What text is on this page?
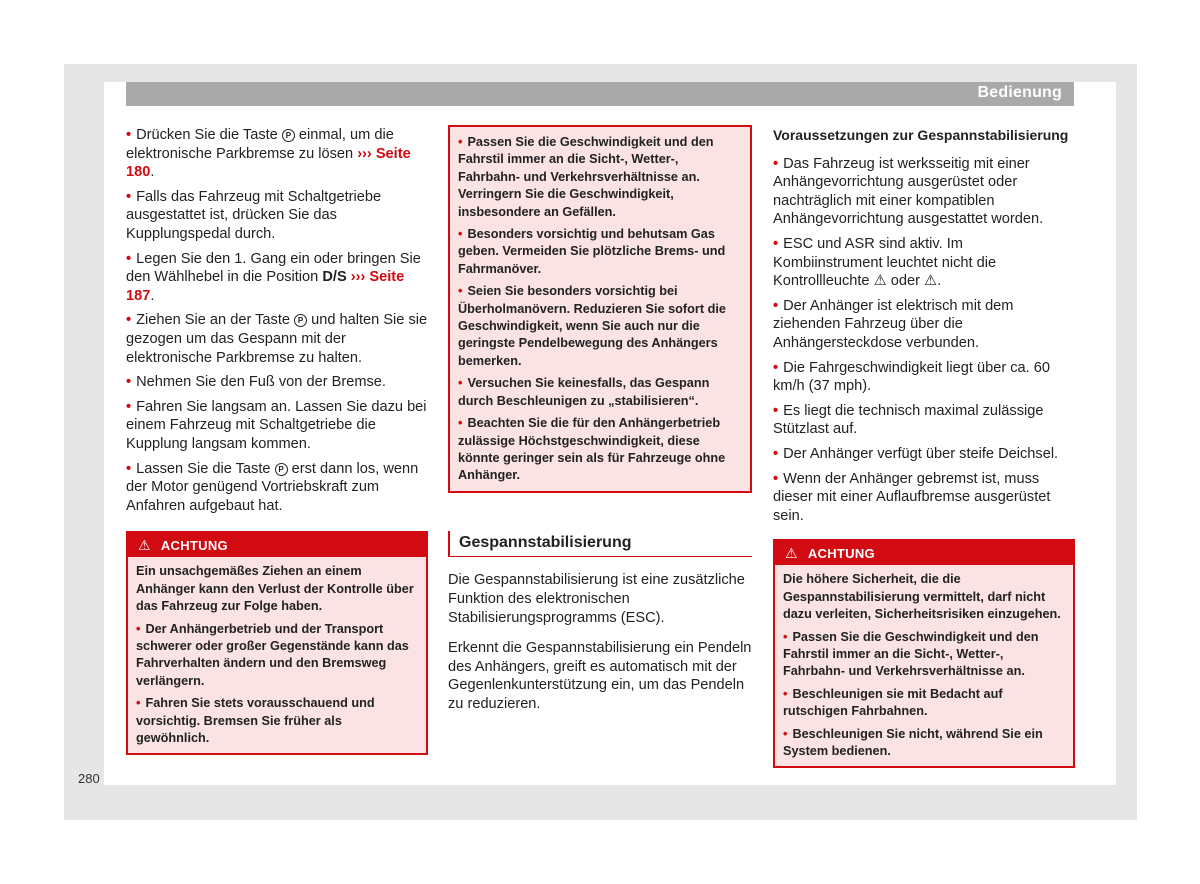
Bedienung

• Drücken Sie die Taste P einmal, um die elektronische Parkbremse zu lösen ››› Seite 180.

• Falls das Fahrzeug mit Schaltgetriebe ausgestattet ist, drücken Sie das Kupplungspedal durch.

• Legen Sie den 1. Gang ein oder bringen Sie den Wählhebel in die Position D/S ››› Seite 187.

• Ziehen Sie an der Taste P und halten Sie sie gezogen um das Gespann mit der elektronische Parkbremse zu halten.

• Nehmen Sie den Fuß von der Bremse.

• Fahren Sie langsam an. Lassen Sie dazu bei einem Fahrzeug mit Schaltgetriebe die Kupplung langsam kommen.

• Lassen Sie die Taste P erst dann los, wenn der Motor genügend Vortriebskraft zum Anfahren aufgebaut hat.

⚠ ACHTUNG

Ein unsachgemäßes Ziehen an einem Anhänger kann den Verlust der Kontrolle über das Fahrzeug zur Folge haben.

• Der Anhängerbetrieb und der Transport schwerer oder großer Gegenstände kann das Fahrverhalten ändern und den Bremsweg verlängern.

• Fahren Sie stets vorausschauend und vorsichtig. Bremsen Sie früher als gewöhnlich.

• Passen Sie die Geschwindigkeit und den Fahrstil immer an die Sicht-, Wetter-, Fahrbahn- und Verkehrsverhältnisse an. Verringern Sie die Geschwindigkeit, insbesondere an Gefällen.

• Besonders vorsichtig und behutsam Gas geben. Vermeiden Sie plötzliche Brems- und Fahrmanöver.

• Seien Sie besonders vorsichtig bei Überholmanövern. Reduzieren Sie sofort die Geschwindigkeit, wenn Sie auch nur die geringste Pendelbewegung des Anhängers bemerken.

• Versuchen Sie keinesfalls, das Gespann durch Beschleunigen zu „stabilisieren“.

• Beachten Sie die für den Anhängerbetrieb zulässige Höchstgeschwindigkeit, diese könnte geringer sein als für Fahrzeuge ohne Anhänger.

Gespannstabilisierung

Die Gespannstabilisierung ist eine zusätzliche Funktion des elektronischen Stabilisierungsprogramms (ESC).

Erkennt die Gespannstabilisierung ein Pendeln des Anhängers, greift es automatisch mit der Gegenlenkunterstützung ein, um das Pendeln zu reduzieren.

Voraussetzungen zur Gespannstabilisierung

• Das Fahrzeug ist werksseitig mit einer Anhängevorrichtung ausgerüstet oder nachträglich mit einer kompatiblen Anhängevorrichtung ausgestattet worden.

• ESC und ASR sind aktiv. Im Kombiinstrument leuchtet nicht die Kontrollleuchte ⚠ oder ⚠.

• Der Anhänger ist elektrisch mit dem ziehenden Fahrzeug über die Anhängersteckdose verbunden.

• Die Fahrgeschwindigkeit liegt über ca. 60 km/h (37 mph).

• Es liegt die technisch maximal zulässige Stützlast auf.

• Der Anhänger verfügt über steife Deichsel.

• Wenn der Anhänger gebremst ist, muss dieser mit einer Auflaufbremse ausgerüstet sein.

⚠ ACHTUNG

Die höhere Sicherheit, die die Gespannstabilisierung vermittelt, darf nicht dazu verleiten, Sicherheitsrisiken einzugehen.

• Passen Sie die Geschwindigkeit und den Fahrstil immer an die Sicht-, Wetter-, Fahrbahn- und Verkehrsverhältnisse an.

• Beschleunigen sie mit Bedacht auf rutschigen Fahrbahnen.

• Beschleunigen Sie nicht, während Sie ein System bedienen.

280
